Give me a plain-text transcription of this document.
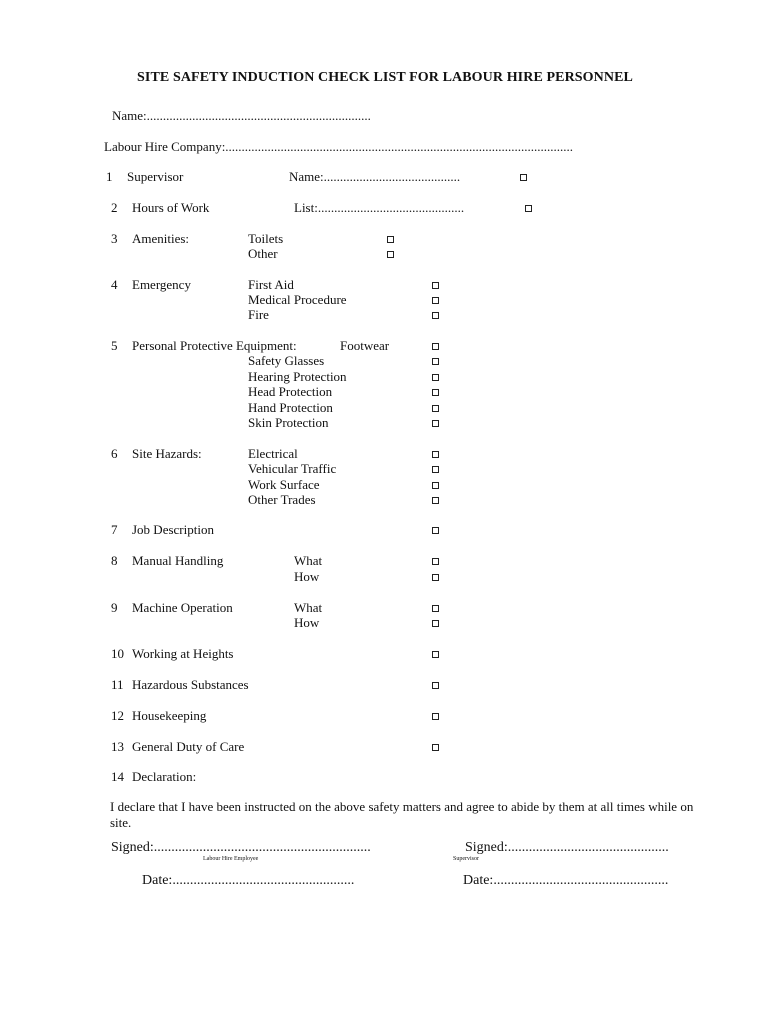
SITE SAFETY INDUCTION CHECK LIST FOR LABOUR HIRE PERSONNEL
Name:.....................................................................
Labour Hire Company:...........................................................................................................
1 Supervisor	Name:..........................................
2 Hours of Work	List:.............................................
3 Amenities:	Toilets
Other
4 Emergency	First Aid
Medical Procedure
Fire
5 Personal Protective Equipment:	Footwear
Safety Glasses
Hearing Protection
Head Protection
Hand Protection
Skin Protection
6 Site Hazards:	Electrical
Vehicular Traffic
Work Surface
Other Trades
7 Job Description
8 Manual Handling	What
How
9 Machine Operation	What
How
10 Working at Heights
11 Hazardous Substances
12 Housekeeping
13 General Duty of Care
14 Declaration:
I declare that I have been instructed on the above safety matters and agree to abide by them at all times while on site.
Signed:..............................................................
Labour Hire Employee
Signed:..............................................
Supervisor
Date:....................................................	Date:..................................................
